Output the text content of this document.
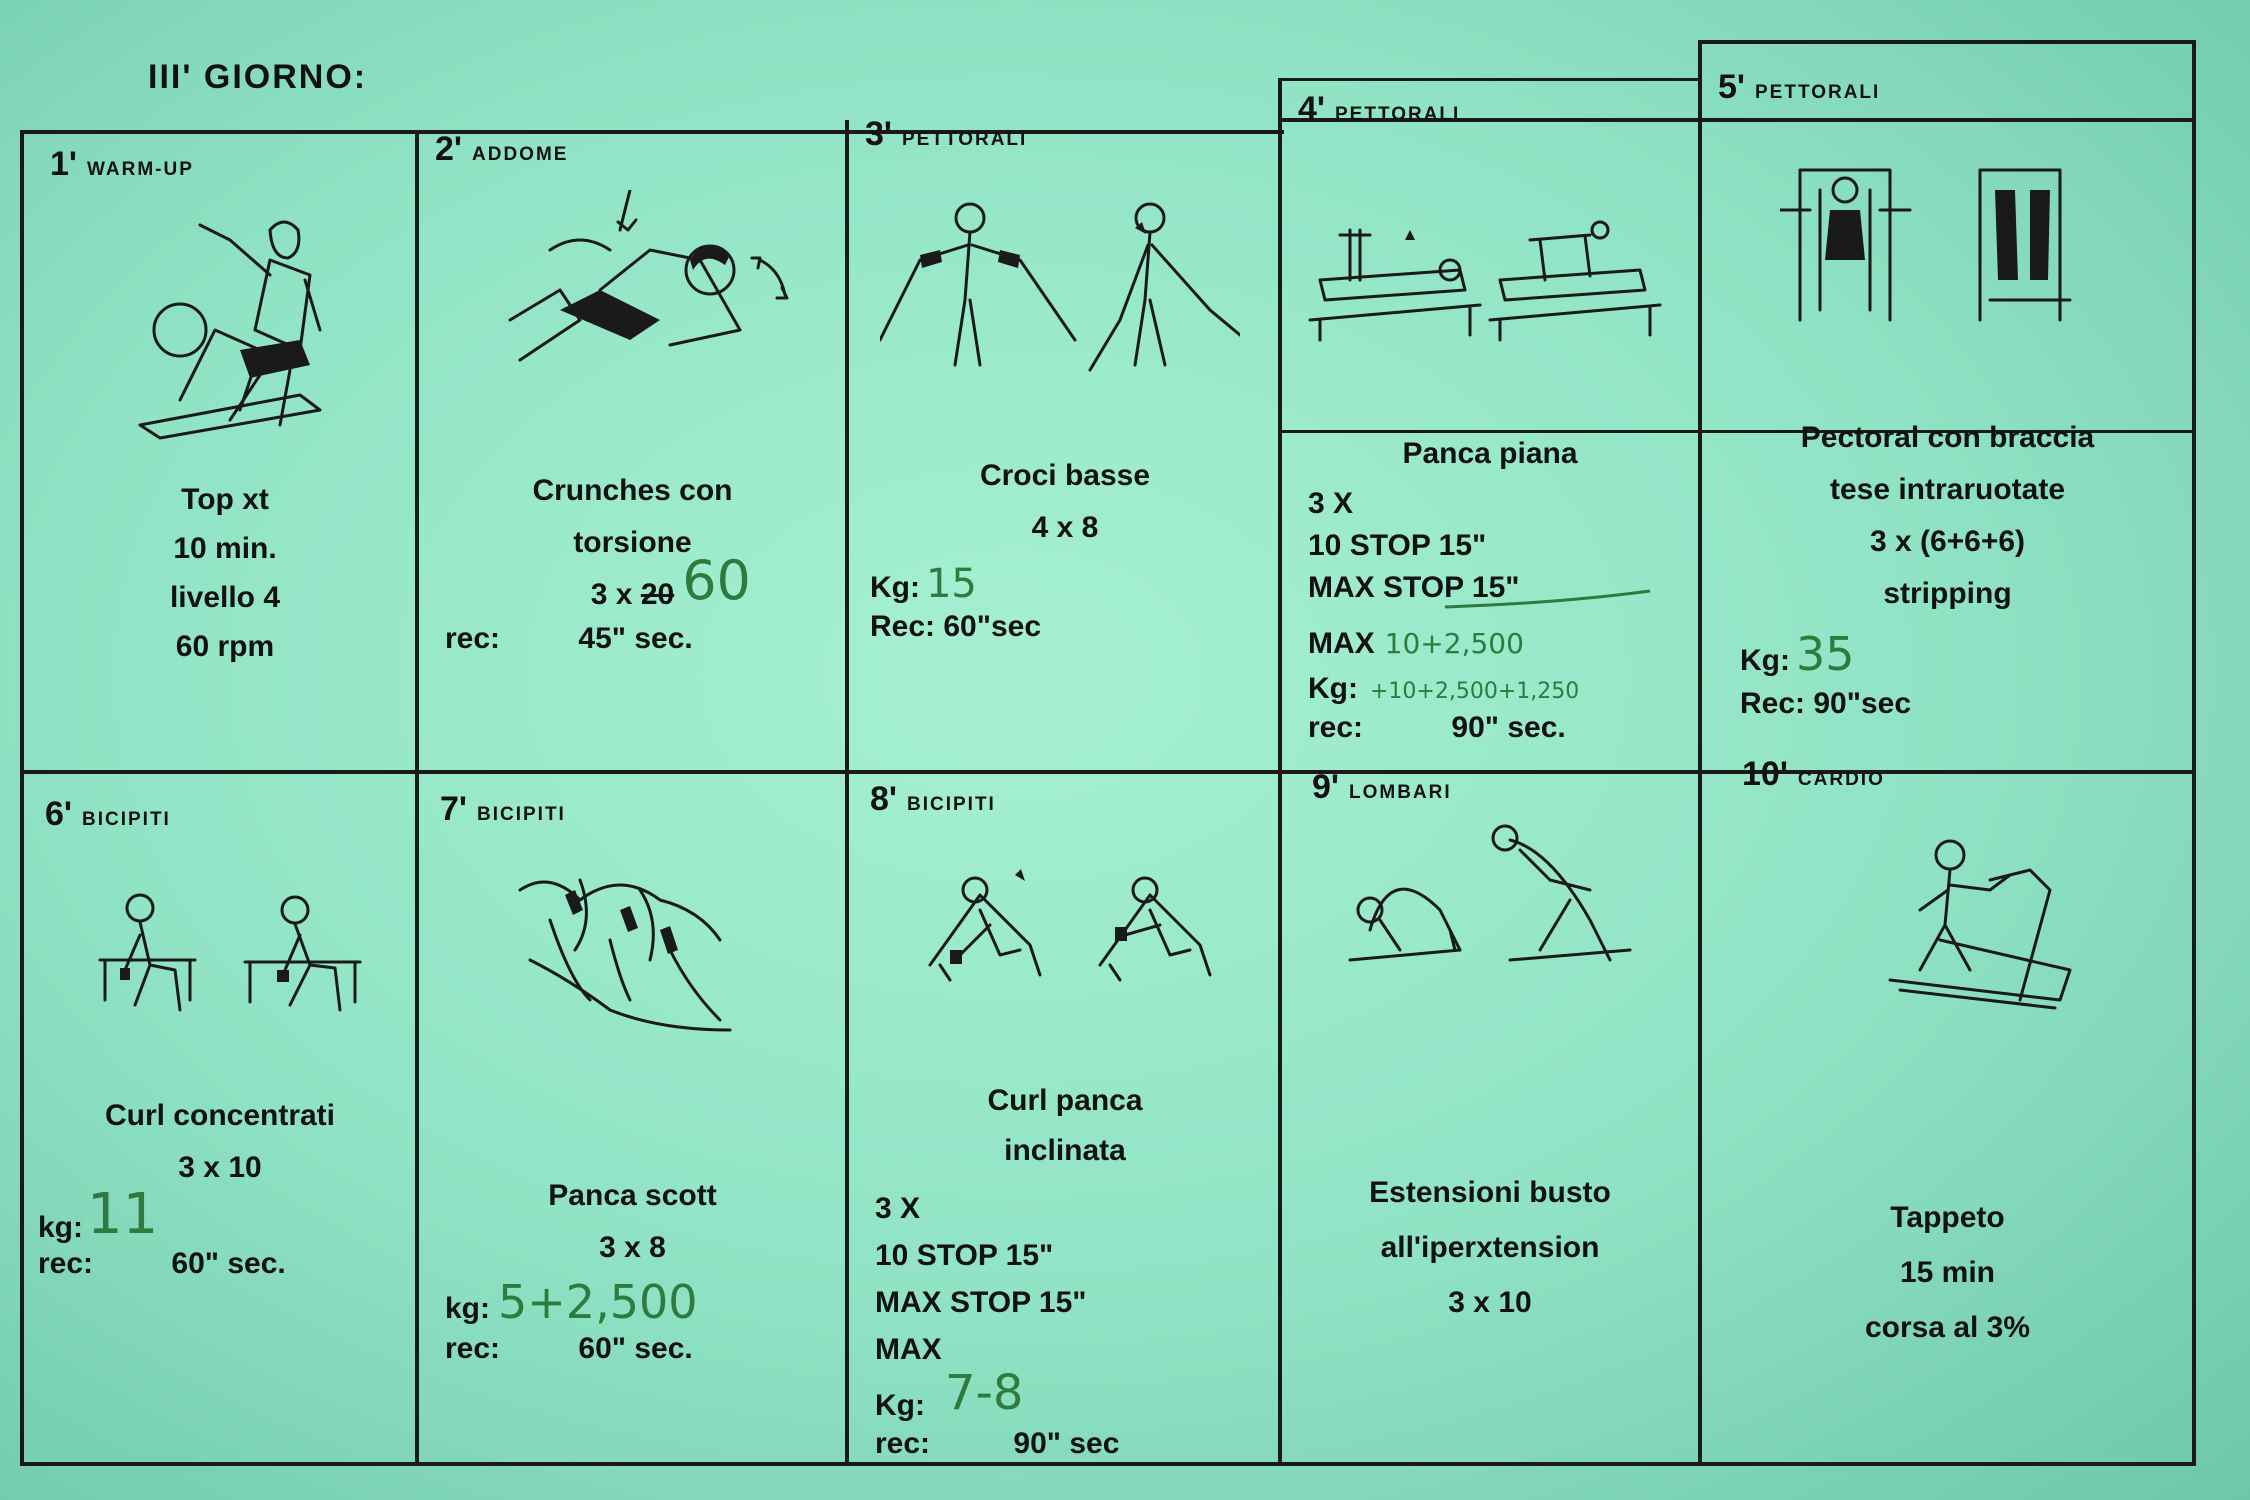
III' GIORNO:
1' WARM-UP
Top xt
10 min.
livello 4
60 rpm
2' ADDOME
Crunches con
torsione
3 x 20 60
rec:	45" sec.
3' PETTORALI
Croci basse
4 x 8
Kg: 15
Rec: 60"sec
4' PETTORALI
Panca piana
3 X
10 STOP 15"
MAX STOP 15"
MAX 10+2,500
Kg: +10+2,500+1,250
rec:	90" sec.
5' PETTORALI
Pectoral con braccia
tese intraruotate
3 x (6+6+6)
stripping
Kg: 35
Rec: 90"sec
6' BICIPITI
Curl concentrati
3 x 10
kg:11
rec:	60" sec.
7' BICIPITI
Panca scott
3 x 8
kg: 5+2,500
rec:	60" sec.
8' BICIPITI
Curl panca
inclinata
3 X
10 STOP 15"
MAX STOP 15"
MAX
Kg: 7-8
rec:	90" sec
9' LOMBARI
Estensioni busto
all'iperxtension
3 x 10
10' CARDIO
Tappeto
15 min
corsa al 3%
